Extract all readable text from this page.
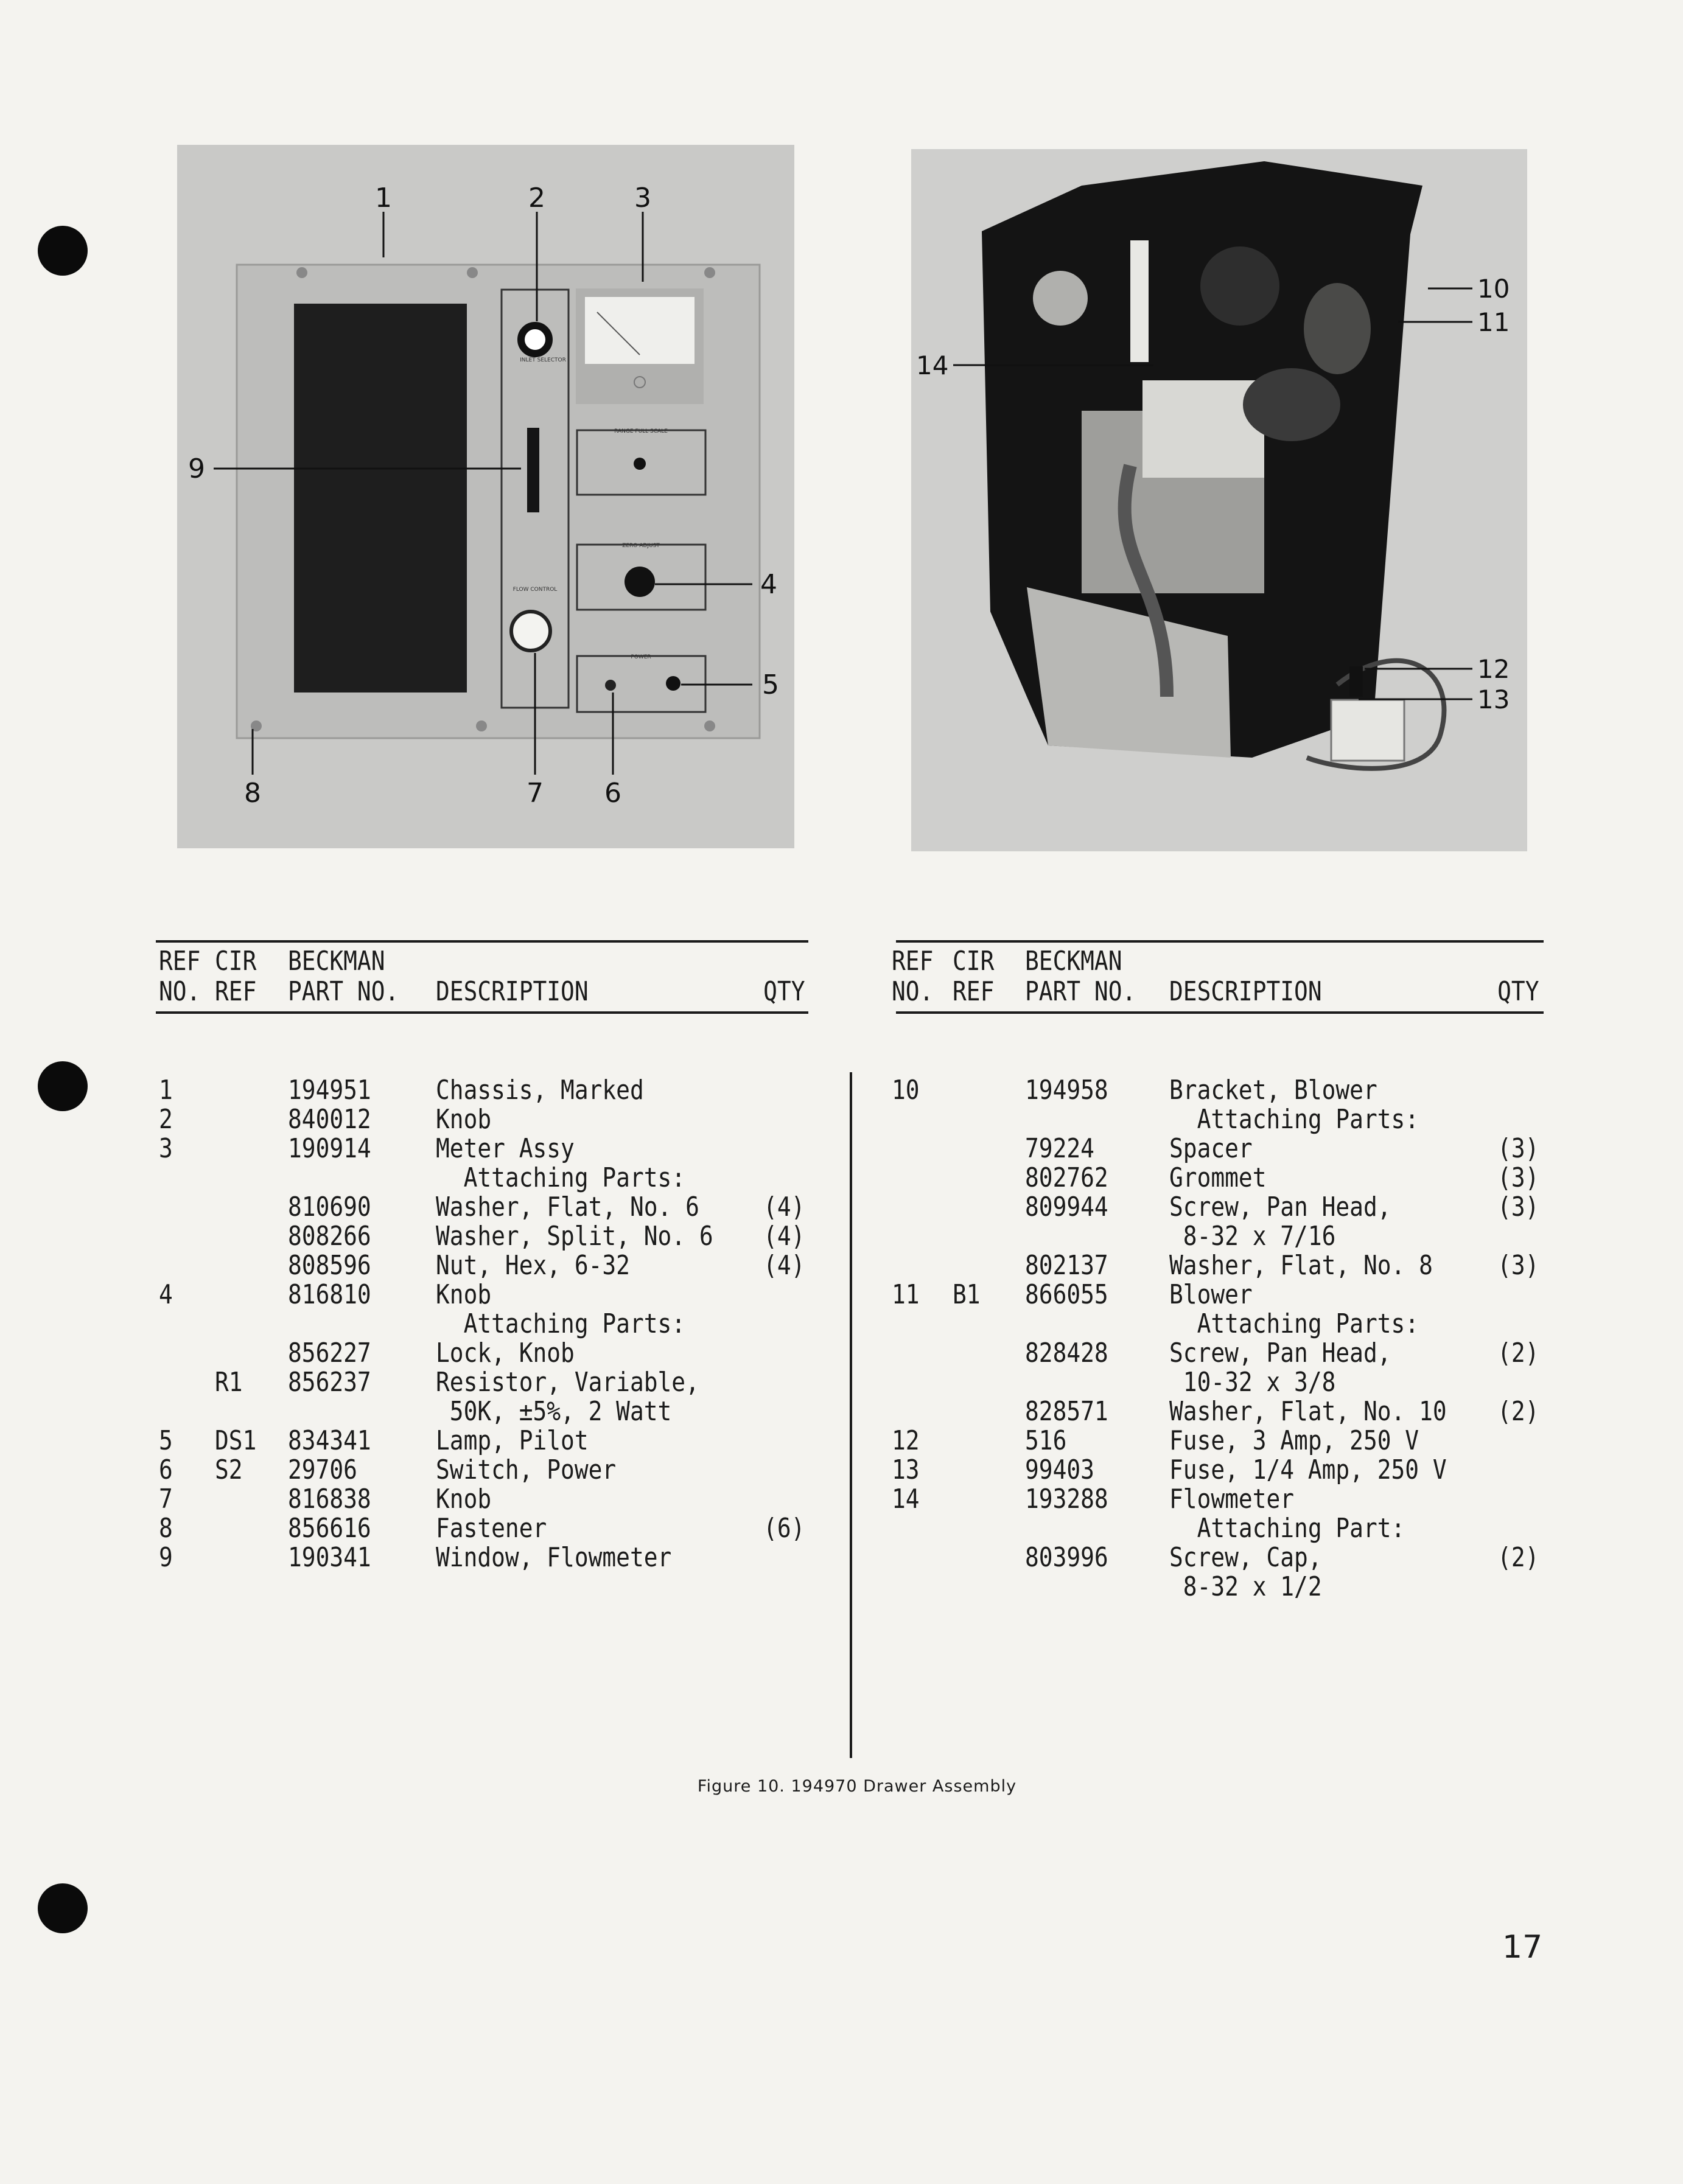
INLET SELECTOR
RANGE FULL SCALE
ZERO ADJUST
FLOW CONTROL
POWER
1	2	3
9
4
5
8	7 6
10
11
14
12
13
REF CIR BECKMAN
NO. REF PART NO. DESCRIPTION	QTY
1	194951 Chassis, Marked
2	840012 Knob
3	190914 Meter Assy
Attaching Parts:
810690 Washer, Flat, No. 6 (4)
808266 Washer, Split, No. 6 (4)
808596 Nut, Hex, 6-32	(4)
4	816810 Knob
Attaching Parts:
856227 Lock, Knob
R1 856237 Resistor, Variable,
50K, ±5%, 2 Watt
5 DS1 834341 Lamp, Pilot
6 S2 29706	Switch, Power
7	816838 Knob
8	856616 Fastener	(6)
9	190341 Window, Flowmeter
REF CIR BECKMAN
NO. REF PART NO. DESCRIPTION	QTY
10	194958 Bracket, Blower
Attaching Parts:
79224	Spacer	(3)
802762 Grommet	(3)
809944 Screw, Pan Head,	(3)
8-32 x 7/16
802137 Washer, Flat, No. 8 (3)
11 B1 866055 Blower
Attaching Parts:
828428 Screw, Pan Head,	(2)
10-32 x 3/8
828571 Washer, Flat, No. 10 (2)
12	516	Fuse, 3 Amp, 250 V
13	99403	Fuse, 1/4 Amp, 250 V
14	193288 Flowmeter
Attaching Part:
803996 Screw, Cap,	(2)
8-32 x 1/2
Figure 10. 194970 Drawer Assembly
17
